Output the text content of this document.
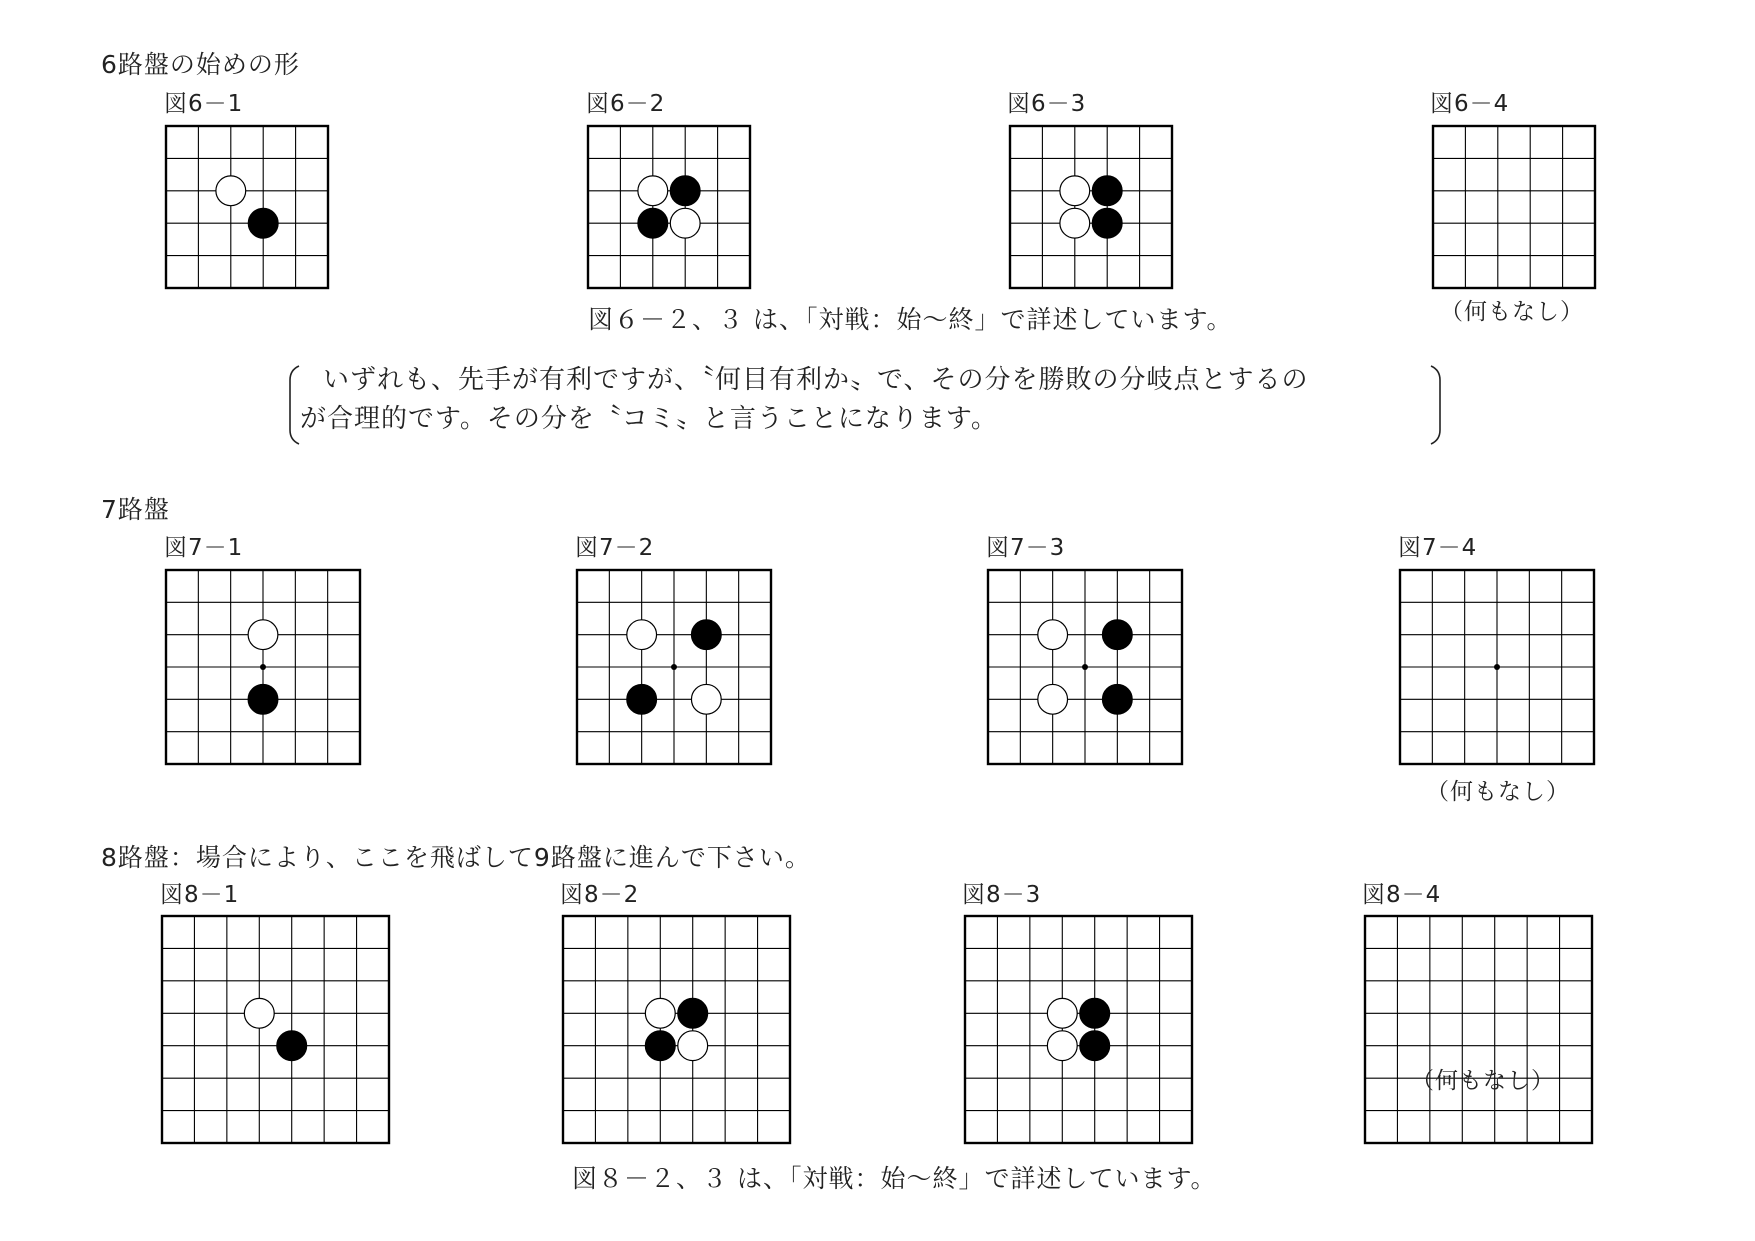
6路盤の始めの形
図6－1	図6－2	図6－3	図6－4
図６－２、３ は、「対戦：始～終」で詳述しています。	（何もなし）
いずれも、先手が有利ですが、〝何目有利か〟で、その分を勝敗の分岐点とするの
が合理的です。その分を〝コミ〟と言うことになります。
7路盤
図7－1	図7－2	図7－3	図7－4
（何もなし）
8路盤：場合により、ここを飛ばして9路盤に進んで下さい。
図8－1	図8－2	図8－3	図8－4
（何もなし）
図８－２、３ は、「対戦：始～終」で詳述しています。
